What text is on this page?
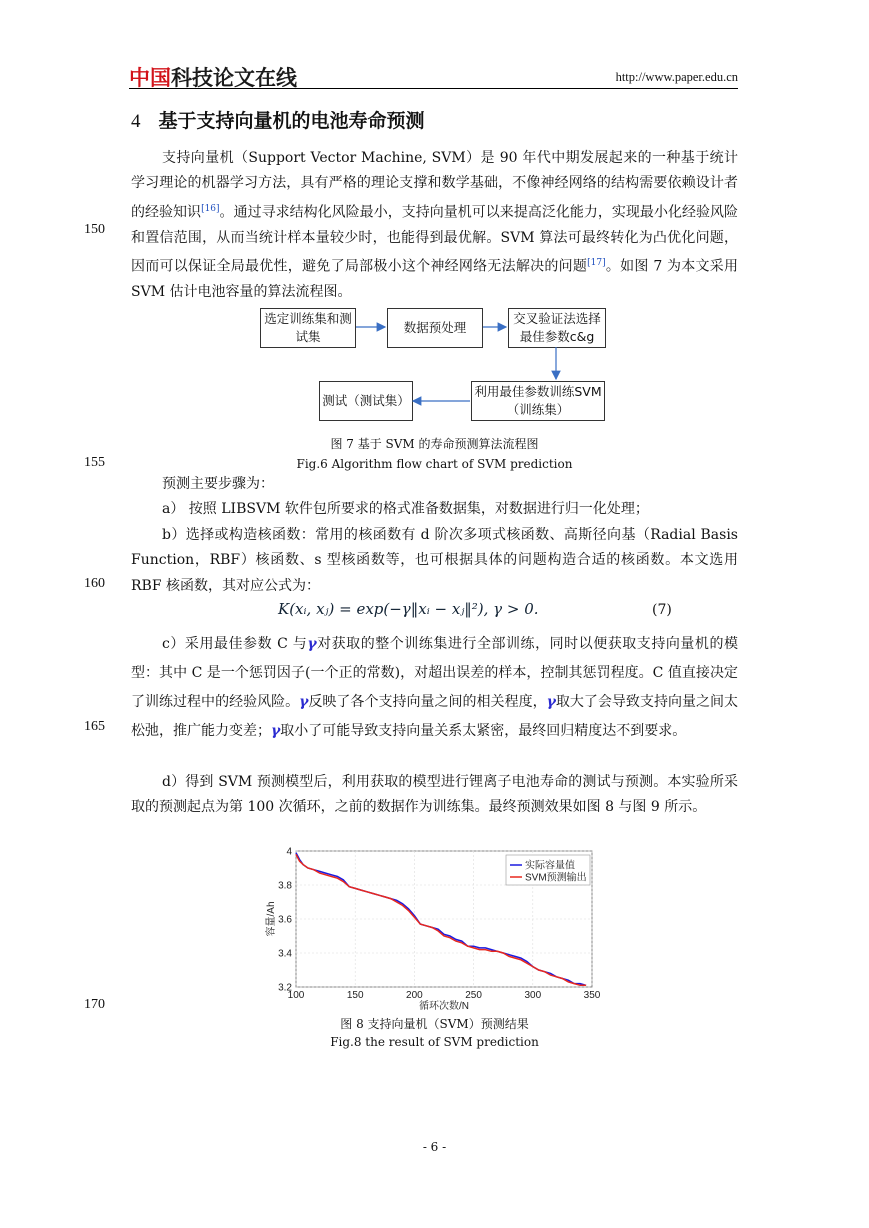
中国科技论文在线	http://www.paper.edu.cn
4 基于支持向量机的电池寿命预测
支持向量机（Support Vector Machine, SVM）是 90 年代中期发展起来的一种基于统计学习理论的机器学习方法，具有严格的理论支撑和数学基础，不像神经网络的结构需要依赖设计者的经验知识[16]。通过寻求结构化风险最小，支持向量机可以来提高泛化能力，实现最小化经验风险和置信范围，从而当统计样本量较少时，也能得到最优解。SVM 算法可最终转化为凸优化问题，因而可以保证全局最优性，避免了局部极小这个神经网络无法解决的问题[17]。如图 7 为本文采用 SVM 估计电池容量的算法流程图。
150
155
160
165
170
选定训练集和测试集
数据预处理
交叉验证法选择最佳参数c&g
利用最佳参数训练SVM（训练集）
测试（测试集）
图 7 基于 SVM 的寿命预测算法流程图
Fig.6 Algorithm flow chart of SVM prediction
预测主要步骤为：
a） 按照 LIBSVM 软件包所要求的格式准备数据集，对数据进行归一化处理；
b）选择或构造核函数：常用的核函数有 d 阶次多项式核函数、高斯径向基（Radial Basis Function，RBF）核函数、s 型核函数等，也可根据具体的问题构造合适的核函数。本文选用 RBF 核函数，其对应公式为：
K(xᵢ, xⱼ) = exp(−γ‖xᵢ − xⱼ‖²), γ > 0.	(7)
c）采用最佳参数 C 与γ对获取的整个训练集进行全部训练，同时以便获取支持向量机的模型：其中 C 是一个惩罚因子(一个正的常数)，对超出误差的样本，控制其惩罚程度。C 值直接决定了训练过程中的经验风险。γ反映了各个支持向量之间的相关程度，γ取大了会导致支持向量之间太松弛，推广能力变差；γ取小了可能导致支持向量关系太紧密，最终回归精度达不到要求。
d）得到 SVM 预测模型后，利用获取的模型进行锂离子电池寿命的测试与预测。本实验所采取的预测起点为第 100 次循环，之前的数据作为训练集。最终预测效果如图 8 与图 9 所示。
100	150	200	250	300	350
3.2
3.4
3.6
3.8
4
循环次数/N
容量/Ah
实际容量值
SVM预测输出
图 8 支持向量机（SVM）预测结果
Fig.8 the result of SVM prediction
- 6 -
